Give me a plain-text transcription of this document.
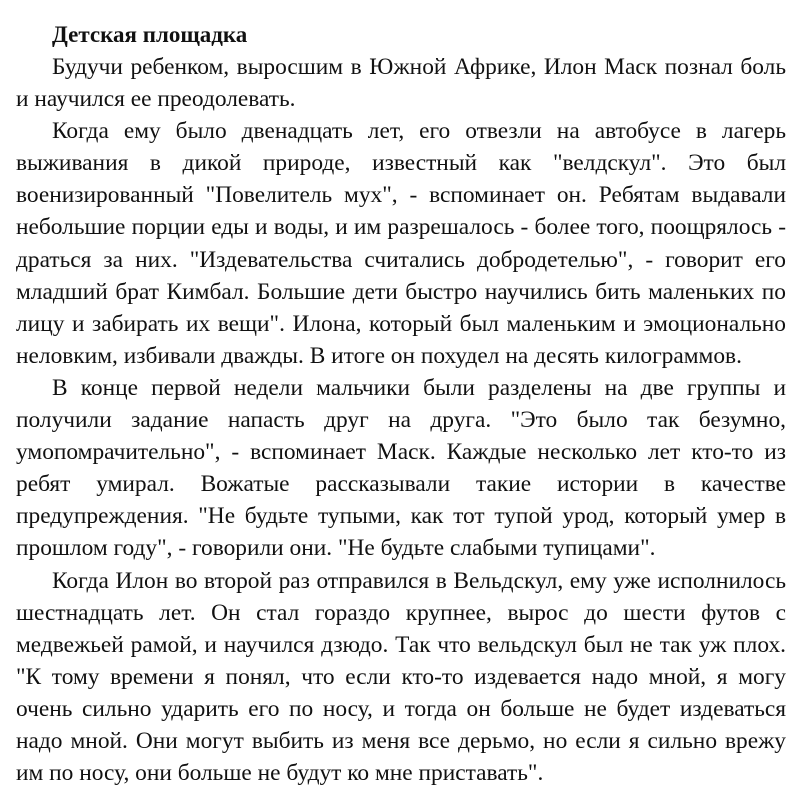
Детская площадка

Будучи ребенком, выросшим в Южной Африке, Илон Маск познал боль и научился ее преодолевать.

Когда ему было двенадцать лет, его отвезли на автобусе в лагерь выживания в дикой природе, известный как "велдскул". Это был военизированный "Повелитель мух", - вспоминает он. Ребятам выдавали небольшие порции еды и воды, и им разрешалось - более того, поощрялось - драться за них. "Издевательства считались добродетелью", - говорит его младший брат Кимбал. Большие дети быстро научились бить маленьких по лицу и забирать их вещи". Илона, который был маленьким и эмоционально неловким, избивали дважды. В итоге он похудел на десять килограммов.

В конце первой недели мальчики были разделены на две группы и получили задание напасть друг на друга. "Это было так безумно, умопомрачительно", - вспоминает Маск. Каждые несколько лет кто-то из ребят умирал. Вожатые рассказывали такие истории в качестве предупреждения. "Не будьте тупыми, как тот тупой урод, который умер в прошлом году", - говорили они. "Не будьте слабыми тупицами".

Когда Илон во второй раз отправился в Вельдскул, ему уже исполнилось шестнадцать лет. Он стал гораздо крупнее, вырос до шести футов с медвежьей рамой, и научился дзюдо. Так что вельдскул был не так уж плох. "К тому времени я понял, что если кто-то издевается надо мной, я могу очень сильно ударить его по носу, и тогда он больше не будет издеваться надо мной. Они могут выбить из меня все дерьмо, но если я сильно врежу им по носу, они больше не будут ко мне приставать".
